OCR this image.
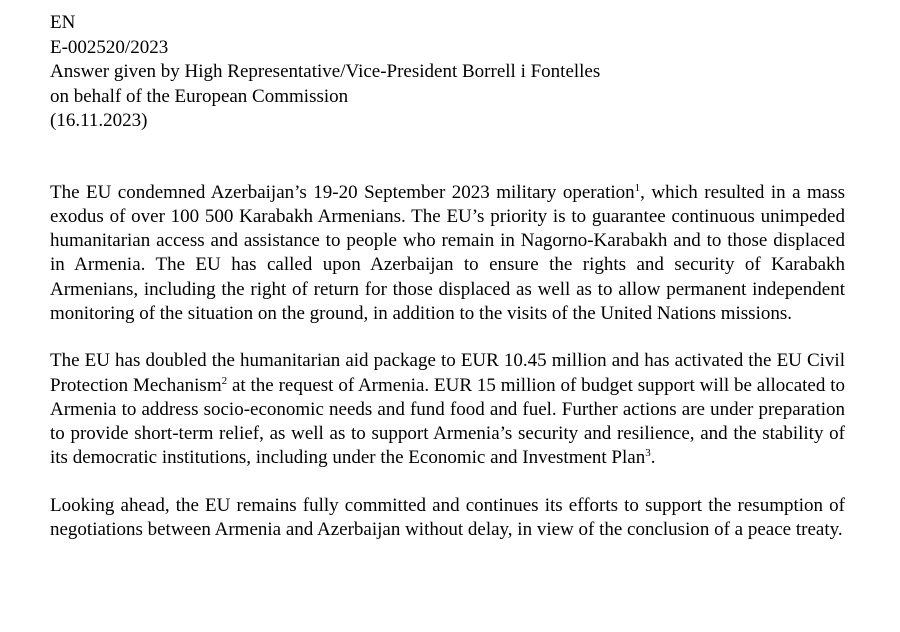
EN

E-002520/2023

Answer given by High Representative/Vice-President Borrell i Fontelles

on behalf of the European Commission

(16.11.2023)

The EU condemned Azerbaijan’s 19-20 September 2023 military operation$^1$, which resulted in a mass exodus of over 100 500 Karabakh Armenians. The EU’s priority is to guarantee continuous unimpeded humanitarian access and assistance to people who remain in Nagorno-Karabakh and to those displaced in Armenia. The EU has called upon Azerbaijan to ensure the rights and security of Karabakh Armenians, including the right of return for those displaced as well as to allow permanent independent monitoring of the situation on the ground, in addition to the visits of the United Nations missions.

The EU has doubled the humanitarian aid package to EUR 10.45 million and has activated the EU Civil Protection Mechanism$^2$ at the request of Armenia. EUR 15 million of budget support will be allocated to Armenia to address socio-economic needs and fund food and fuel. Further actions are under preparation to provide short-term relief, as well as to support Armenia’s security and resilience, and the stability of its democratic institutions, including under the Economic and Investment Plan$^3$.

Looking ahead, the EU remains fully committed and continues its efforts to support the resumption of negotiations between Armenia and Azerbaijan without delay, in view of the conclusion of a peace treaty.
